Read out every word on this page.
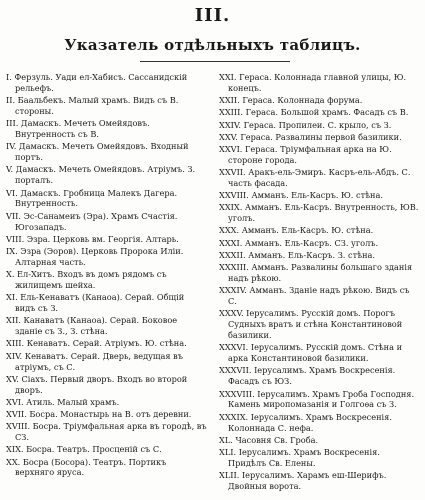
III.
Указатель отдѣльныхъ таблицъ.
I. Ферзуль. Уади ел-Хабисъ. Сассанидскій рельефъ.
II. Баальбекъ. Малый храмъ. Видъ съ В. стороны.
III. Дамаскъ. Мечеть Омейядовъ. Внутренность съ В.
IV. Дамаскъ. Мечеть Омейядовъ. Входный портъ.
V. Дамаскъ. Мечеть Омейядовъ. Атріумъ. З. порталъ.
VI. Дамаскъ. Гробница Малекъ Дагера. Внутренность.
VII. Эс-Санамеиъ (Эра). Храмъ Счастія. Югозападъ.
VIII. Эзра. Церковь вм. Георгія. Алтарь.
IX. Эзра (Эоров). Церковь Пророка Иліи. Алтарная часть.
X. Ел-Хитъ. Входъ въ домъ рядомъ съ жилищемъ шейха.
XI. Ель-Кенаватъ (Канаоа). Серай. Общій видъ съ З.
XII. Канаватъ (Канаоа). Серай. Боковое зданіе съ З., З. стѣна.
XIII. Кенаватъ. Серай. Атріумъ. Ю. стѣна.
XIV. Кенаватъ. Серай. Дверь, ведущая въ атріумъ, съ С.
XV. Сіахъ. Первый дворъ. Входъ во второй дворъ.
XVI. Атиль. Малый храмъ.
XVII. Босра. Монастырь на В. отъ деревни.
XVIII. Босра. Тріумфальная арка въ городѣ, въ СЗ.
XIX. Босра. Театръ. Просценій съ С.
XX. Босра (Босора). Театръ. Портикъ верхняго яруса.
XXI. Гераса. Колоннада главной улицы, Ю. конецъ.
XXII. Гераса. Колоннада форума.
XXIII. Гераса. Большой храмъ. Фасадъ съ В.
XXIV. Гераса. Пропилеи. С. крыло, съ З.
XXV. Гераса. Развалины первой базилики.
XXVI. Гераса. Тріумфальная арка на Ю. стороне города.
XXVII. Аракъ-ель-Эмиръ. Касръ-ель-Абдъ. С. часть фасада.
XXVIII. Амманъ. Ель-Касръ. Ю. стѣна.
XXIX. Амманъ. Ель-Касръ. Внутренность, ЮВ. уголъ.
XXX. Амманъ. Ель-Касръ. Ю. стѣна.
XXXI. Амманъ. Ель-Касръ. СЗ. уголъ.
XXXII. Амманъ. Ель-Касръ. З. стѣна.
XXXIII. Амманъ. Развалины большаго зданія надъ рѣкою.
XXXIV. Амманъ. Зданіе надъ рѣкою. Видъ съ С.
XXXV. Іерусалимъ. Русскій домъ. Порогъ Судныхъ вратъ и стѣна Константиновой базилики.
XXXVI. Іерусалимъ. Русскій домъ. Стѣна и арка Константиновой базилики.
XXXVII. Іерусалимъ. Храмъ Воскресенія. Фасадъ съ ЮЗ.
XXXVIII. Іерусалимъ. Храмъ Гроба Господня. Камень миропомазанія и Голгоѳа съ З.
XXXIX. Іерусалимъ. Храмъ Воскресенія. Колоннада С. нефа.
XL. Часовня Св. Гроба.
XLI. Іерусалимъ. Храмъ Воскресенія. Придѣлъ Св. Елены.
XLII. Іерусалимъ. Харамъ еш-Шерифъ. Двойныя ворота.
